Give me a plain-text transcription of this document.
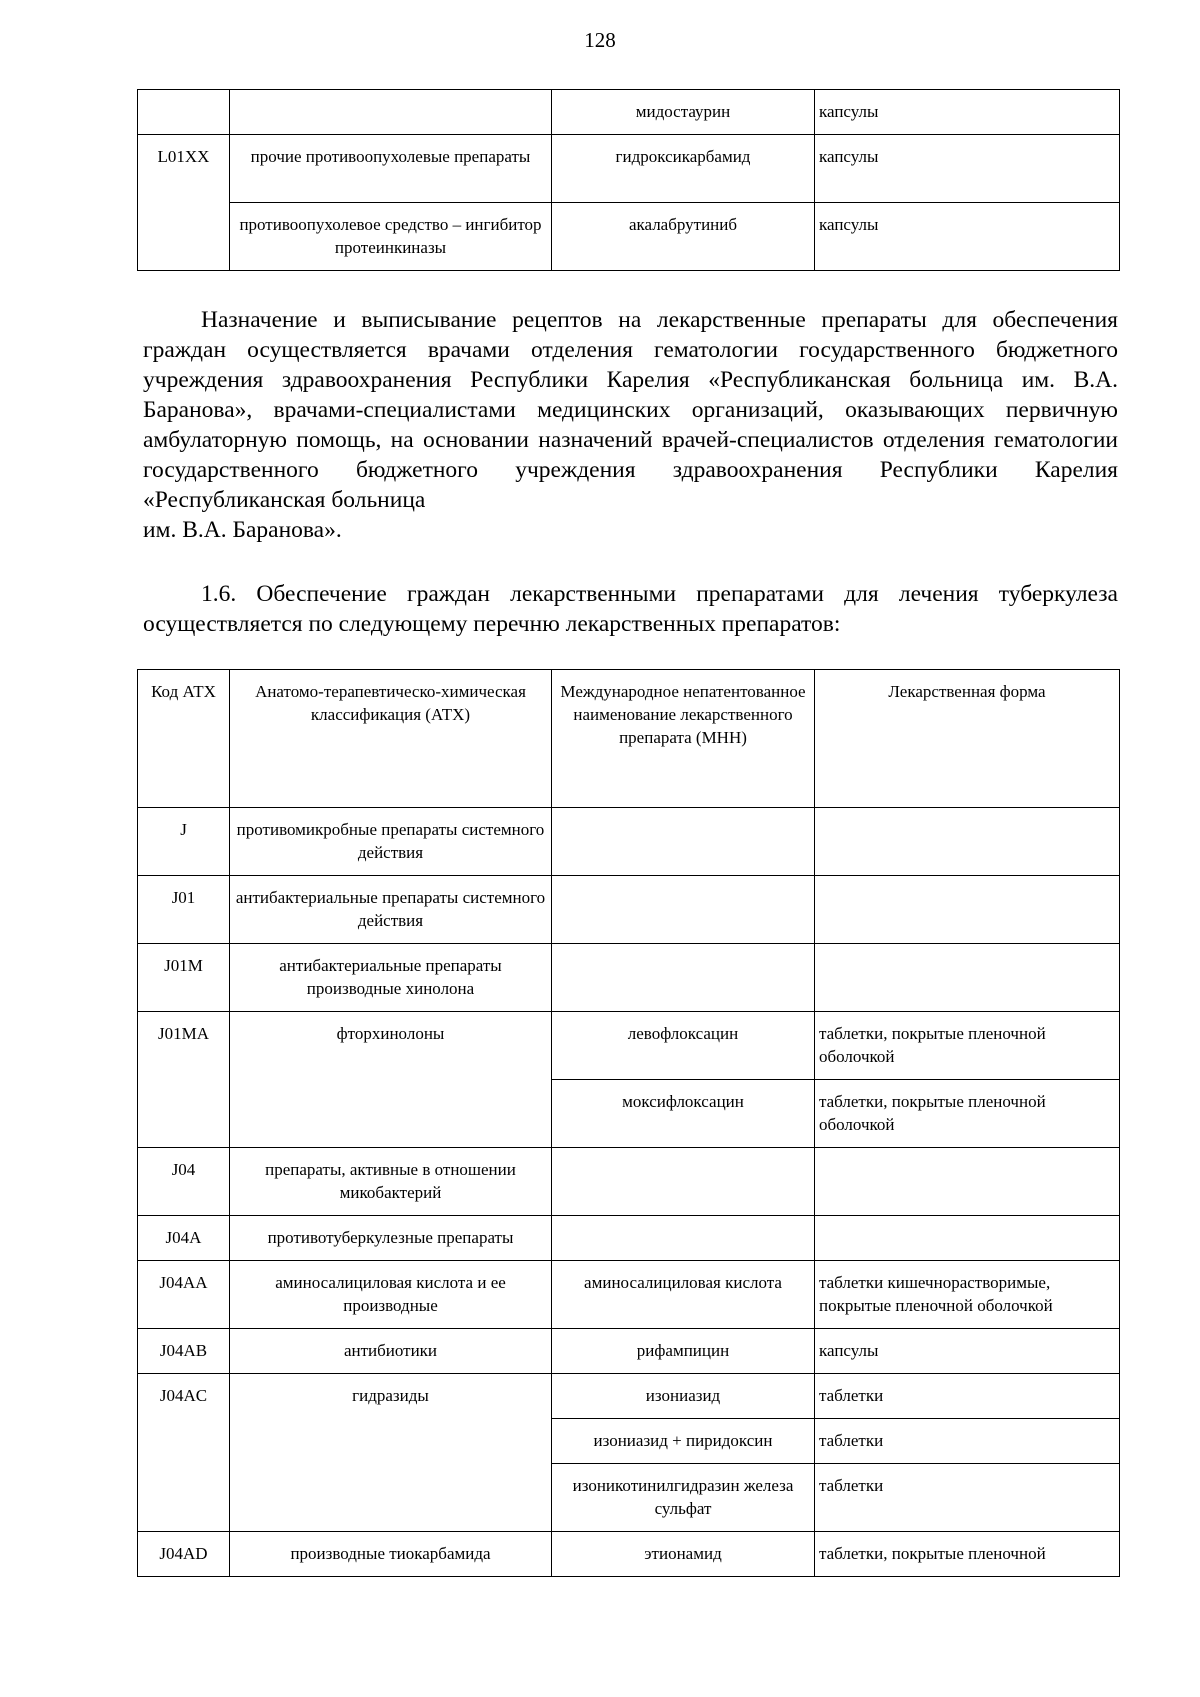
128
		мидостаурин	капсулы
L01XX	прочие противоопухолевые препараты	гидроксикарбамид	капсулы
	противоопухолевое средство – ингибитор протеинкиназы	акалабрутиниб	капсулы

Назначение и выписывание рецептов на лекарственные препараты для обеспечения граждан осуществляется врачами отделения гематологии государственного бюджетного учреждения здравоохранения Республики Карелия «Республиканская больница им. В.А. Баранова», врачами-специалистами медицинских организаций, оказывающих первичную амбулаторную помощь, на основании назначений врачей-специалистов отделения гематологии государственного бюджетного учреждения здравоохранения Республики Карелия «Республиканская больница

им. В.А. Баранова».

1.6. Обеспечение граждан лекарственными препаратами для лечения туберкулеза осуществляется по следующему перечню лекарственных препаратов:

Код АТХ	Анатомо-терапевтическо-химическая классификация (АТХ)	Международное непатентованное наименование лекарственного препарата (МНН)	Лекарственная форма
J	противомикробные препараты системного действия		
J01	антибактериальные препараты системного действия		
J01M	антибактериальные препараты производные хинолона		
J01MA	фторхинолоны	левофлоксацин	таблетки, покрытые пленочной оболочкой
		моксифлоксацин	таблетки, покрытые пленочной оболочкой
J04	препараты, активные в отношении микобактерий		
J04A	противотуберкулезные препараты		
J04AA	аминосалициловая кислота и ее производные	аминосалициловая кислота	таблетки кишечнорастворимые, покрытые пленочной оболочкой
J04AB	антибиотики	рифампицин	капсулы
J04AC	гидразиды	изониазид	таблетки
		изониазид + пиридоксин	таблетки
		изоникотинилгидразин железа сульфат	таблетки
J04AD	производные тиокарбамида	этионамид	таблетки, покрытые пленочной
